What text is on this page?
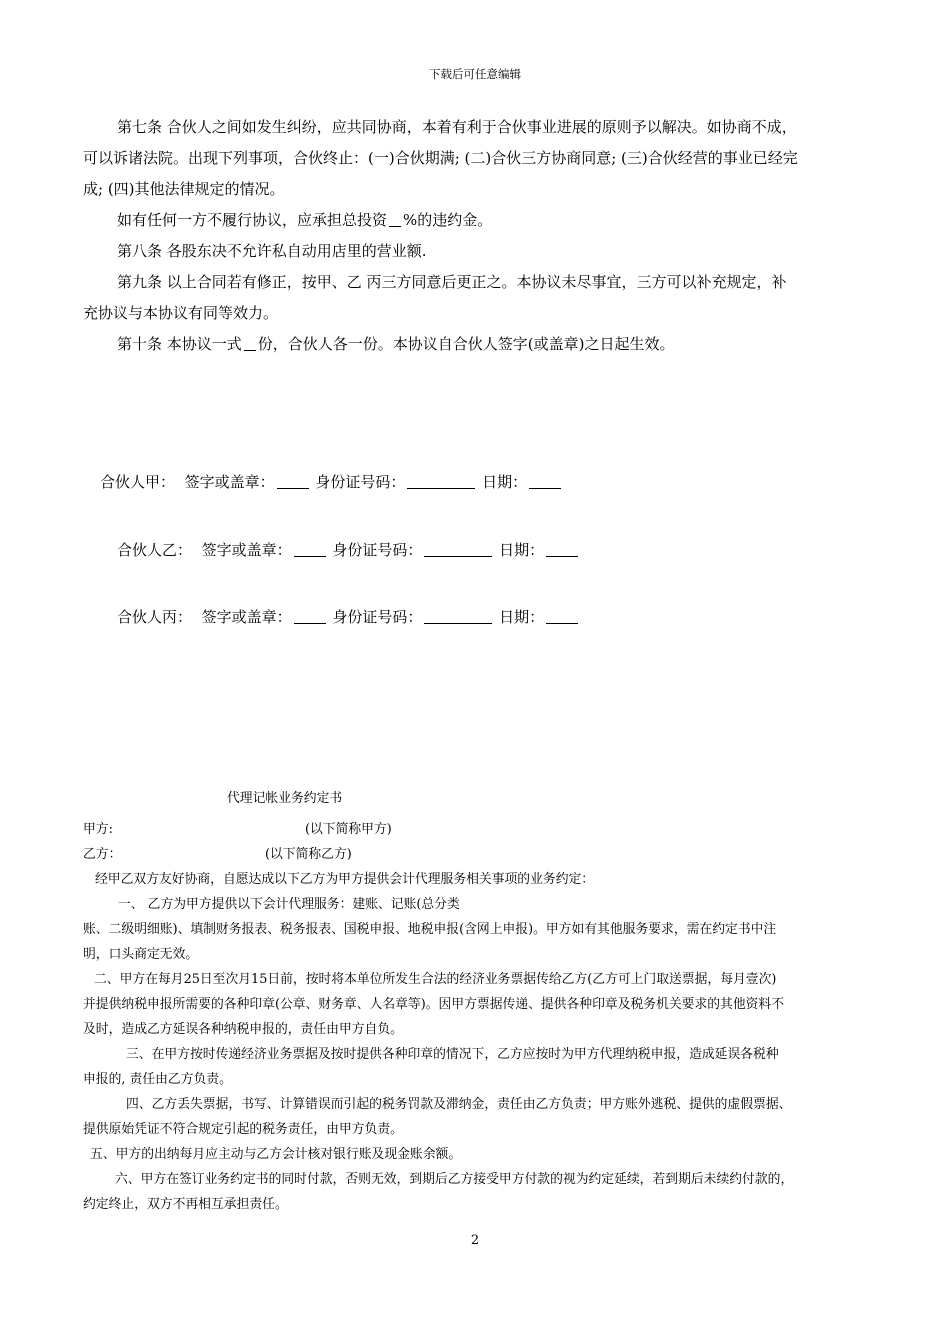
下载后可任意编辑
第七条 合伙人之间如发生纠纷，应共同协商，本着有利于合伙事业进展的原则予以解决。如协商不成，
可以诉诸法院。出现下列事项，合伙终止：(一)合伙期满; (二)合伙三方协商同意; (三)合伙经营的事业已经完
成; (四)其他法律规定的情况。
如有任何一方不履行协议，应承担总投资 %的违约金。
第八条 各股东决不允许私自动用店里的营业额.
第九条 以上合同若有修正，按甲、乙 丙三方同意后更正之。本协议未尽事宜，三方可以补充规定，补
充协议与本协议有同等效力。
第十条 本协议一式 份，合伙人各一份。本协议自合伙人签字(或盖章)之日起生效。
合伙人甲： 签字或盖章：	身份证号码：	日期：
合伙人乙： 签字或盖章：	身份证号码：	日期：
合伙人丙： 签字或盖章：	身份证号码：	日期：
代理记帐业务约定书
甲方:	(以下简称甲方)
乙方：	(以下简称乙方)
经甲乙双方友好协商，自愿达成以下乙方为甲方提供会计代理服务相关事项的业务约定：
一、 乙方为甲方提供以下会计代理服务：建账、记账(总分类
账、二级明细账)、填制财务报表、税务报表、国税申报、地税申报(含网上申报)。甲方如有其他服务要求，需在约定书中注
明，口头商定无效。
二、甲方在每月25日至次月15日前，按时将本单位所发生合法的经济业务票据传给乙方(乙方可上门取送票据，每月壹次)
并提供纳税申报所需要的各种印章(公章、财务章、人名章等)。因甲方票据传递、提供各种印章及税务机关要求的其他资料不
及时，造成乙方延误各种纳税申报的，责任由甲方自负。
三、在甲方按时传递经济业务票据及按时提供各种印章的情况下，乙方应按时为甲方代理纳税申报，造成延误各税种
申报的, 责任由乙方负责。
四、乙方丢失票据，书写、计算错误而引起的税务罚款及滞纳金，责任由乙方负责；甲方账外逃税、提供的虚假票据、
提供原始凭证不符合规定引起的税务责任，由甲方负责。
五、甲方的出纳每月应主动与乙方会计核对银行账及现金账余额。
六、甲方在签订业务约定书的同时付款，否则无效，到期后乙方接受甲方付款的视为约定延续，若到期后未续约付款的，
约定终止，双方不再相互承担责任。
2
